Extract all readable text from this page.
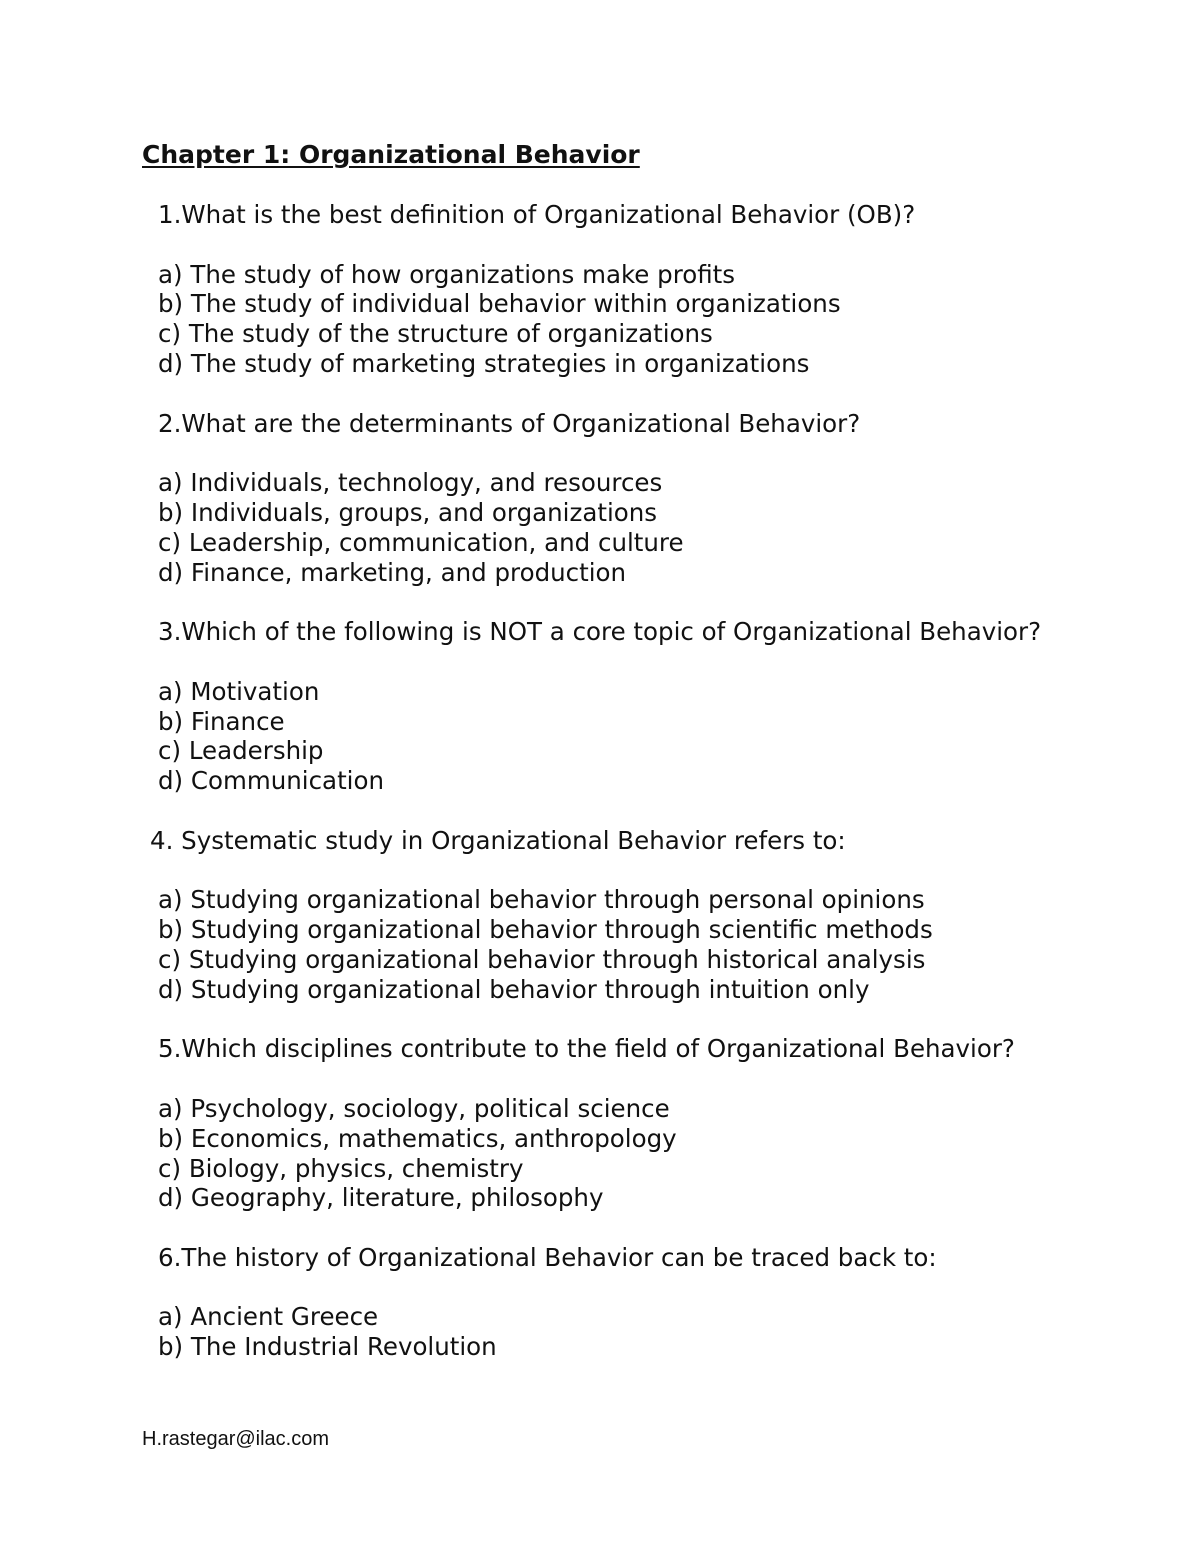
Chapter 1: Organizational Behavior
1.What is the best definition of Organizational Behavior (OB)?
a) The study of how organizations make profits
b) The study of individual behavior within organizations
c) The study of the structure of organizations
d) The study of marketing strategies in organizations
2.What are the determinants of Organizational Behavior?
a) Individuals, technology, and resources
b) Individuals, groups, and organizations
c) Leadership, communication, and culture
d) Finance, marketing, and production
3.Which of the following is NOT a core topic of Organizational Behavior?
a) Motivation
b) Finance
c) Leadership
d) Communication
4. Systematic study in Organizational Behavior refers to:
a) Studying organizational behavior through personal opinions
b) Studying organizational behavior through scientific methods
c) Studying organizational behavior through historical analysis
d) Studying organizational behavior through intuition only
5.Which disciplines contribute to the field of Organizational Behavior?
a) Psychology, sociology, political science
b) Economics, mathematics, anthropology
c) Biology, physics, chemistry
d) Geography, literature, philosophy
6.The history of Organizational Behavior can be traced back to:
a) Ancient Greece
b) The Industrial Revolution
H.rastegar@ilac.com
